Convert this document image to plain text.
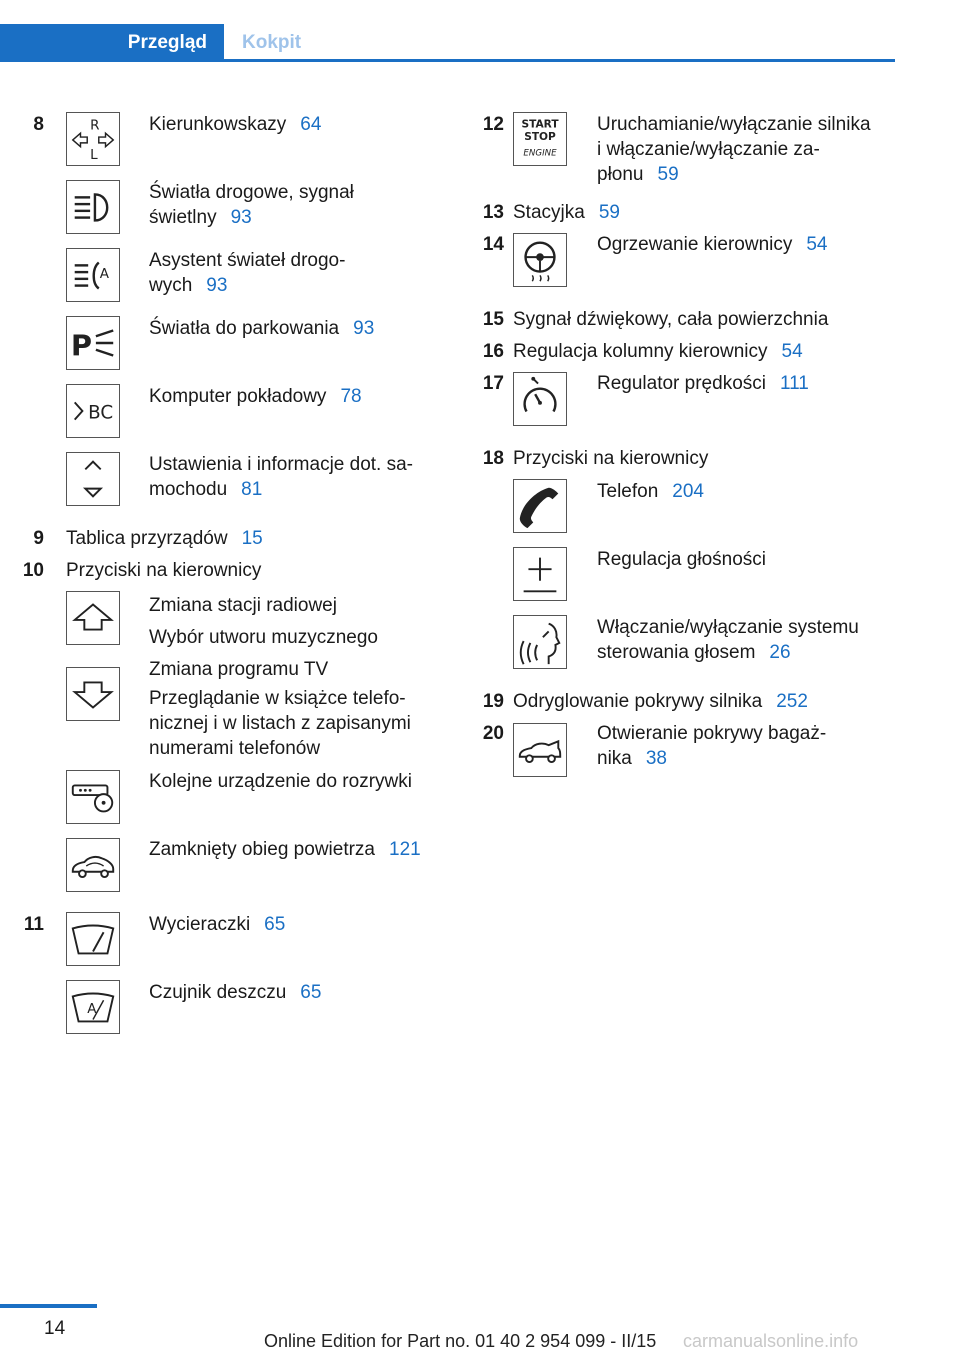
Przegląd	Kokpit
8	R
L
Kierunkowskazy 64
Światła drogowe, sygnał
świetlny 93
A
Asystent świateł drogo-
wych 93
P
Światła do parkowania 93
BC
Komputer pokładowy 78
Ustawienia i informacje dot. sa-
mochodu 81
9 Tablica przyrządów 15
10 Przyciski na kierownicy
Zmiana stacji radiowej
Wybór utworu muzycznego
Zmiana programu TV
Przeglądanie w książce telefo-
nicznej i w listach z zapisanymi
numerami telefonów
Kolejne urządzenie do rozrywki
Zamknięty obieg powietrza 121
11	Wycieraczki 65
A
Czujnik deszczu 65
12 START
STOP
ENGINE
Uruchamianie/wyłączanie silnika
i włączanie/wyłączanie za-
płonu 59
13 Stacyjka 59
14	Ogrzewanie kierownicy 54
15 Sygnał dźwiękowy, cała powierzchnia
16 Regulacja kolumny kierownicy 54
17	Regulator prędkości 111
18 Przyciski na kierownicy
Telefon 204
Regulacja głośności
Włączanie/wyłączanie systemu
sterowania głosem 26
19 Odryglowanie pokrywy silnika 252
20	Otwieranie pokrywy bagaż-
nika 38
14
Online Edition for Part no. 01 40 2 954 099 - II/15 carmanualsonline.info
